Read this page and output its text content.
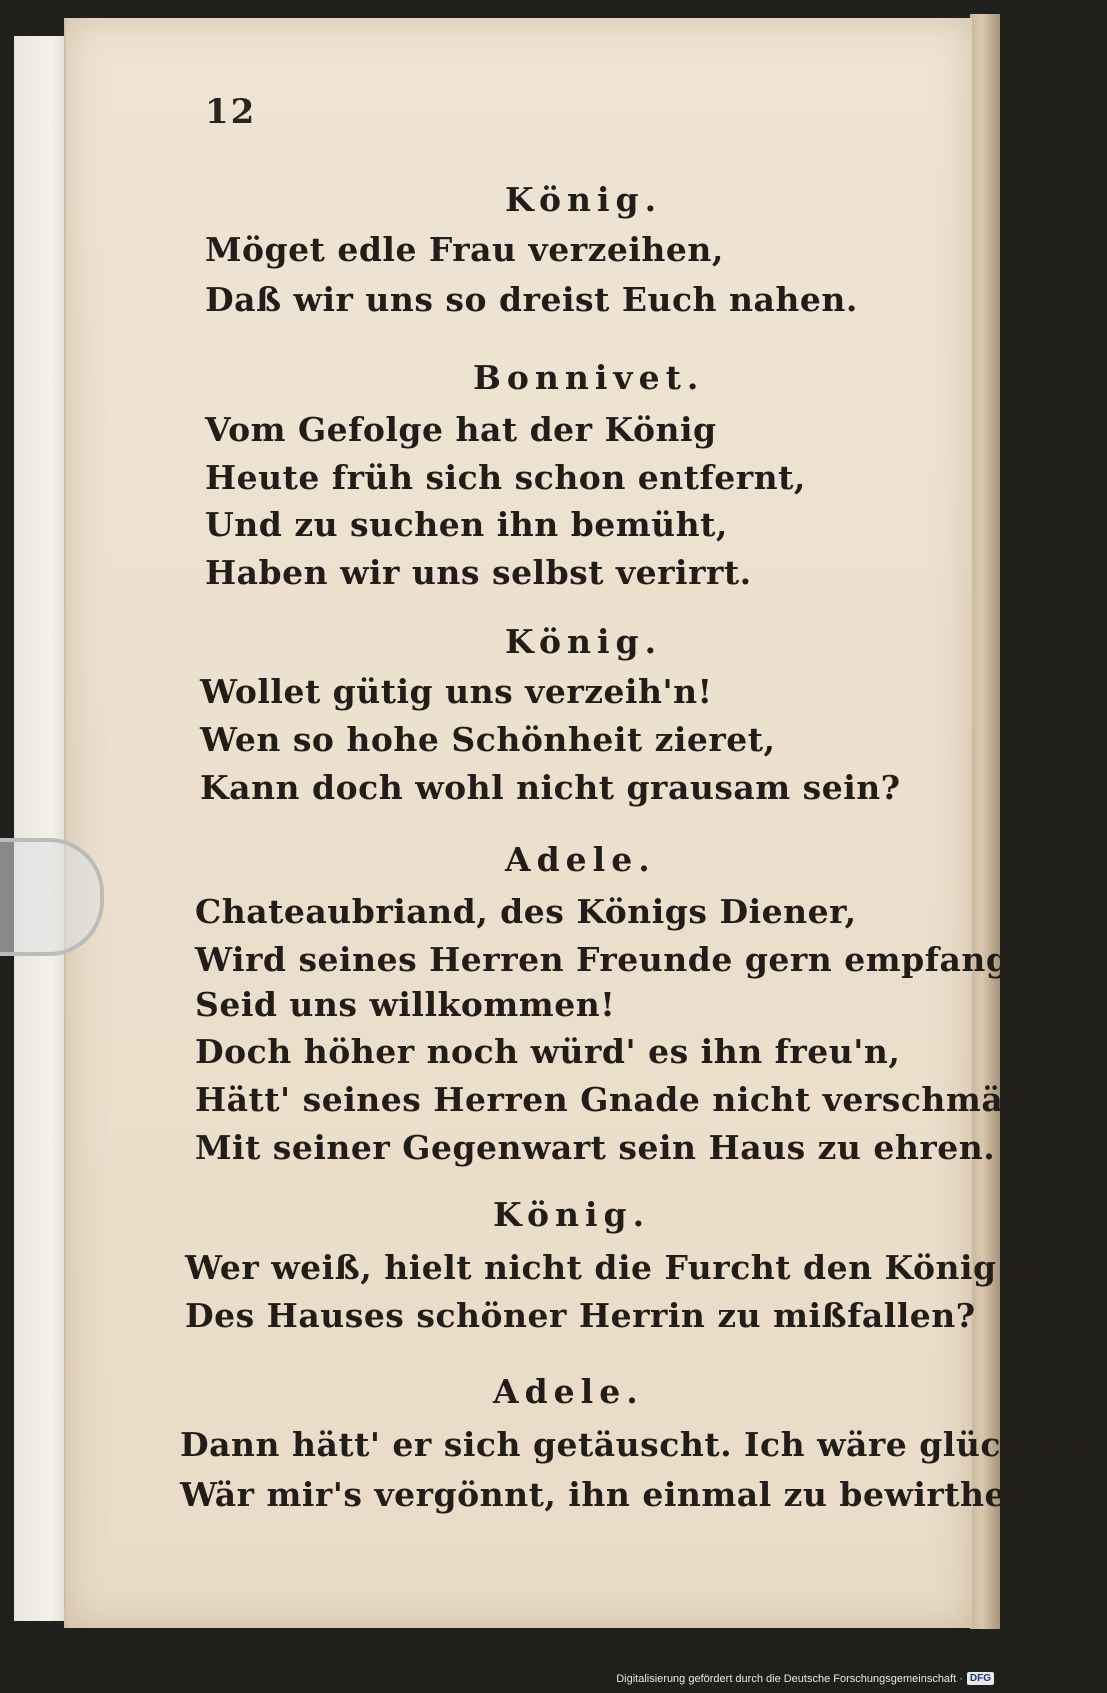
12
König.
Möget edle Frau verzeihen,
Daß wir uns so dreist Euch nahen.
Bonnivet.
Vom Gefolge hat der König
Heute früh sich schon entfernt,
Und zu suchen ihn bemüht,
Haben wir uns selbst verirrt.
König.
Wollet gütig uns verzeih'n!
Wen so hohe Schönheit zieret,
Kann doch wohl nicht grausam sein?
Adele.
Chateaubriand, des Königs Diener,
Wird seines Herren Freunde gern empfangen.
Seid uns willkommen!
Doch höher noch würd' es ihn freu'n,
Hätt' seines Herren Gnade nicht verschmäh't,
Mit seiner Gegenwart sein Haus zu ehren.
König.
Wer weiß, hielt nicht die Furcht den König ab,
Des Hauses schöner Herrin zu mißfallen?
Adele.
Dann hätt' er sich getäuscht. Ich wäre glücklich,
Wär mir's vergönnt, ihn einmal zu bewirthen.
Digitalisierung gefördert durch die Deutsche Forschungsgemeinschaft · DFG
